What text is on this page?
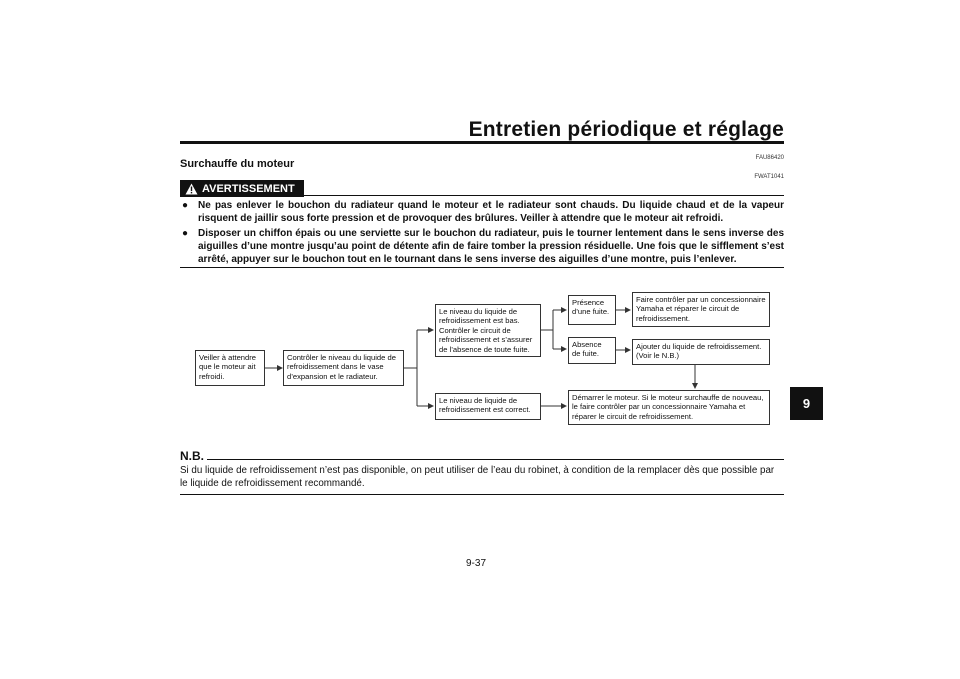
Entretien périodique et réglage
FAU86420
Surchauffe du moteur
FWAT1041
AVERTISSEMENT
● Ne pas enlever le bouchon du radiateur quand le moteur et le radiateur sont chauds. Du liquide chaud et de la vapeur risquent de jaillir sous forte pression et de provoquer des brûlures. Veiller à attendre que le moteur ait refroidi.
● Disposer un chiffon épais ou une serviette sur le bouchon du radiateur, puis le tourner lentement dans le sens inverse des aiguilles d’une montre jusqu’au point de détente afin de faire tomber la pression résiduelle. Une fois que le sifflement s’est arrêté, appuyer sur le bouchon tout en le tournant dans le sens inverse des aiguilles d’une montre, puis l’enlever.
9
Veiller à attendre que le moteur ait refroidi.
Contrôler le niveau du liquide de refroidissement dans le vase d’expansion et le radiateur.
Le niveau du liquide de refroidissement est bas. Contrôler le circuit de refroidissement et s’assurer de l’absence de toute fuite.
Le niveau de liquide de refroidissement est correct.
Présence d’une fuite.
Absence de fuite.
Faire contrôler par un concessionnaire Yamaha et réparer le circuit de refroidissement.
Ajouter du liquide de refroidissement. (Voir le N.B.)
Démarrer le moteur. Si le moteur surchauffe de nouveau, le faire contrôler par un concessionnaire Yamaha et réparer le circuit de refroidissement.
N.B.
Si du liquide de refroidissement n’est pas disponible, on peut utiliser de l’eau du robinet, à condition de la remplacer dès que possible par le liquide de refroidissement recommandé.
9-37
